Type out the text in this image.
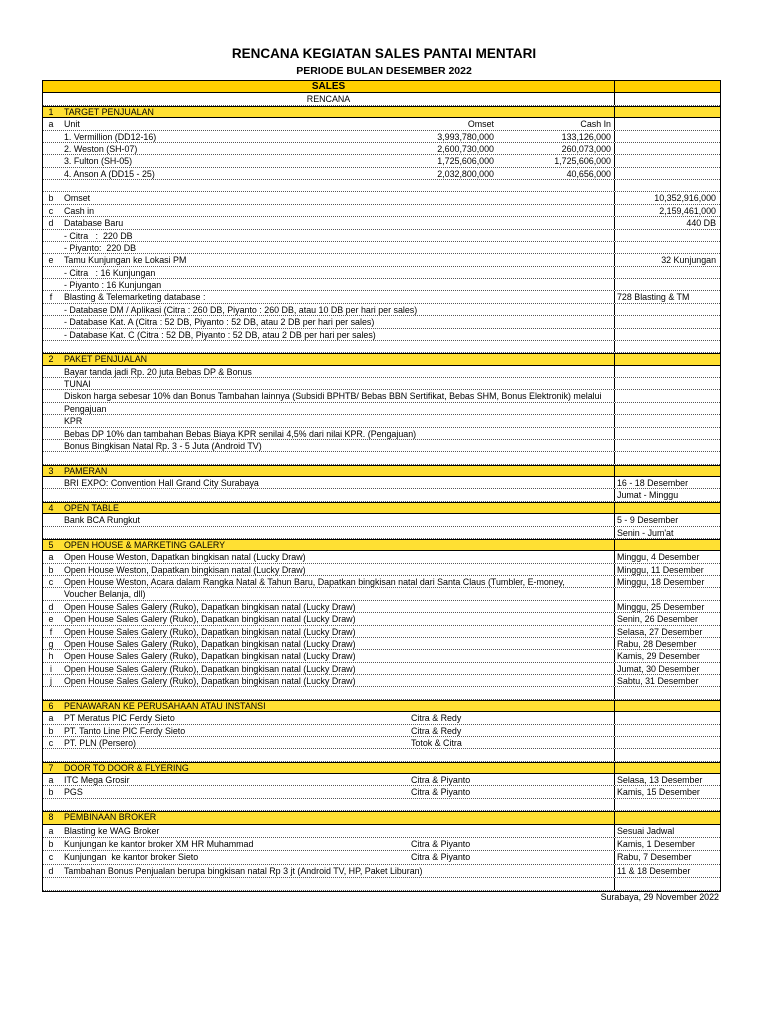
RENCANA KEGIATAN SALES PANTAI MENTARI
PERIODE BULAN DESEMBER 2022
SALES
RENCANA
1	TARGET PENJUALAN
a	Unit	Omset	Cash In
1. Vermillion (DD12-16)	3,993,780,000	133,126,000
2. Weston (SH-07)	2,600,730,000	260,073,000
3. Fulton (SH-05)	1,725,606,000	1,725,606,000
4. Anson A (DD15 - 25)	2,032,800,000	40,656,000
b	Omset	10,352,916,000
c	Cash in	2,159,461,000
d	Database Baru	440 DB
- Citra   :  220 DB
- Piyanto:  220 DB
e	Tamu Kunjungan ke Lokasi PM	32 Kunjungan
- Citra   : 16 Kunjungan
- Piyanto : 16 Kunjungan
f	Blasting & Telemarketing database :	728 Blasting & TM
- Database DM / Aplikasi (Citra : 260 DB, Piyanto : 260 DB, atau 10 DB per hari per sales)
- Database Kat. A (Citra : 52 DB, Piyanto : 52 DB, atau 2 DB per hari per sales)
- Database Kat. C (Citra : 52 DB, Piyanto : 52 DB, atau 2 DB per hari per sales)
2	PAKET PENJUALAN
Bayar tanda jadi Rp. 20 juta Bebas DP & Bonus
TUNAI
Diskon harga sebesar 10% dan Bonus Tambahan lainnya (Subsidi BPHTB/ Bebas BBN Sertifikat, Bebas SHM, Bonus Elektronik) melalui
Pengajuan
KPR
Bebas DP 10% dan tambahan Bebas Biaya KPR senilai 4,5% dari nilai KPR. (Pengajuan)
Bonus Bingkisan Natal Rp. 3 - 5 Juta (Android TV)
3	PAMERAN
BRI EXPO: Convention Hall Grand City Surabaya	16 - 18 Desember
Jumat - Minggu
4	OPEN TABLE
Bank BCA Rungkut	5 - 9 Desember
Senin - Jum'at
5	OPEN HOUSE & MARKETING GALERY
a	Open House Weston, Dapatkan bingkisan natal (Lucky Draw)	Minggu, 4 Desember
b	Open House Weston, Dapatkan bingkisan natal (Lucky Draw)	Minggu, 11 Desember
c	Open House Weston, Acara dalam Rangka Natal & Tahun Baru, Dapatkan bingkisan natal dari Santa Claus (Tumbler, E-money,	Minggu, 18 Desember
Voucher Belanja, dll)
d	Open House Sales Galery (Ruko), Dapatkan bingkisan natal (Lucky Draw)	Minggu, 25 Desember
e	Open House Sales Galery (Ruko), Dapatkan bingkisan natal (Lucky Draw)	Senin, 26 Desember
f	Open House Sales Galery (Ruko), Dapatkan bingkisan natal (Lucky Draw)	Selasa, 27 Desember
g	Open House Sales Galery (Ruko), Dapatkan bingkisan natal (Lucky Draw)	Rabu, 28 Desember
h	Open House Sales Galery (Ruko), Dapatkan bingkisan natal (Lucky Draw)	Kamis, 29 Desember
i	Open House Sales Galery (Ruko), Dapatkan bingkisan natal (Lucky Draw)	Jumat, 30 Desember
j	Open House Sales Galery (Ruko), Dapatkan bingkisan natal (Lucky Draw)	Sabtu, 31 Desember
6	PENAWARAN KE PERUSAHAAN ATAU INSTANSI
a	PT Meratus PIC Ferdy Sieto	Citra & Redy
b	PT. Tanto Line PIC Ferdy Sieto	Citra & Redy
c	PT. PLN (Persero)	Totok & Citra
7	DOOR TO DOOR & FLYERING
a	ITC Mega Grosir	Citra & Piyanto	Selasa, 13 Desember
b	PGS	Citra & Piyanto	Kamis, 15 Desember
8	PEMBINAAN BROKER
a	Blasting ke WAG Broker	Sesuai Jadwal
b	Kunjungan ke kantor broker XM HR Muhammad	Citra & Piyanto	Kamis, 1 Desember
c	Kunjungan  ke kantor broker Sieto	Citra & Piyanto	Rabu, 7 Desember
d	Tambahan Bonus Penjualan berupa bingkisan natal Rp 3 jt (Android TV, HP, Paket Liburan)	11 & 18 Desember
Surabaya, 29 November 2022
